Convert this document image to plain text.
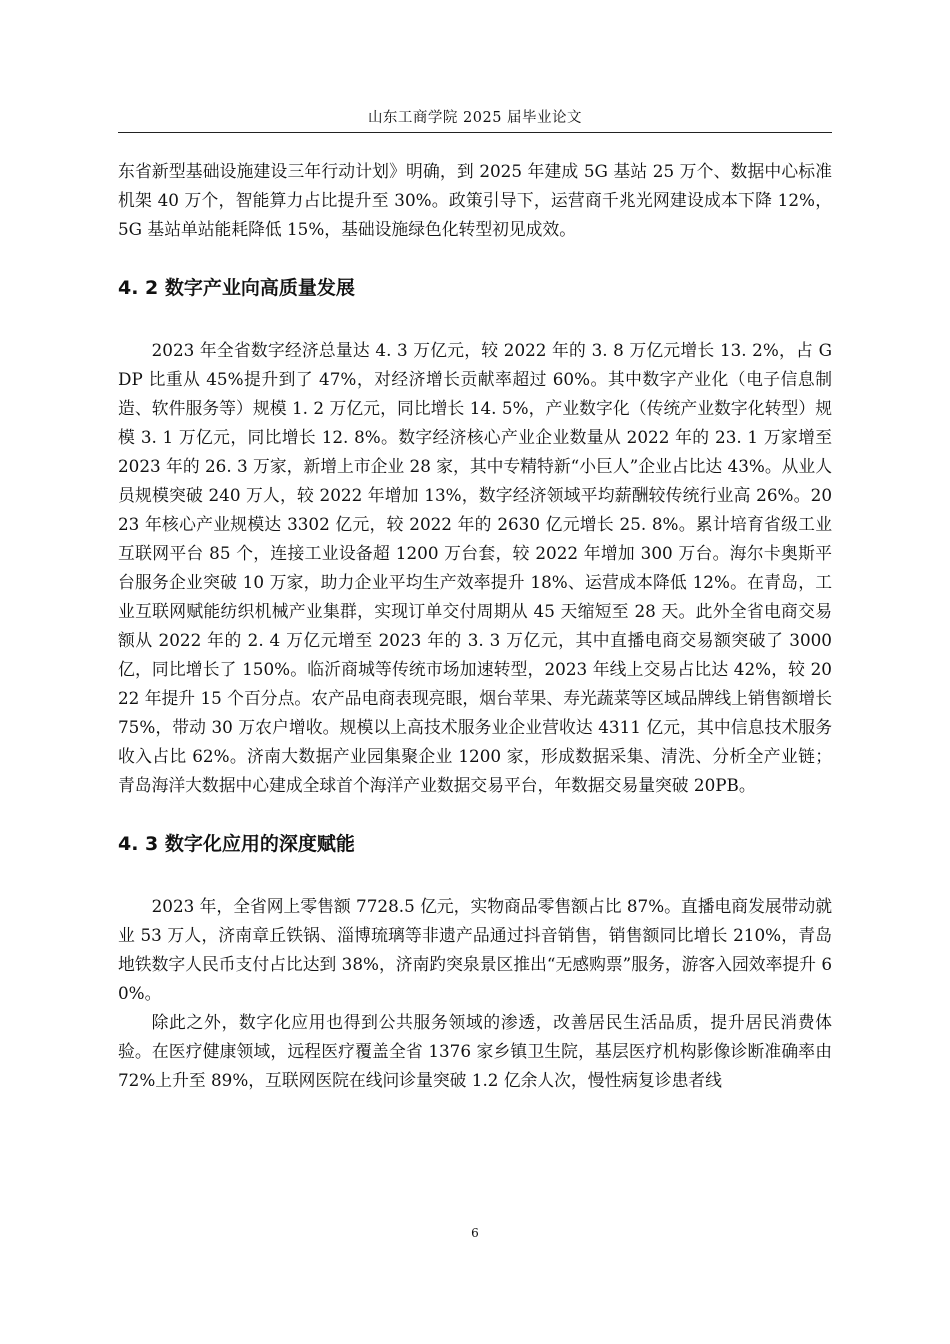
山东工商学院 2025 届毕业论文

东省新型基础设施建设三年行动计划》明确，到 2025 年建成 5G 基站 25 万个、数据中心标准机架 40 万个，智能算力占比提升至 30%。政策引导下，运营商千兆光网建设成本下降 12%，5G 基站单站能耗降低 15%，基础设施绿色化转型初见成效。

4. 2 数字产业向高质量发展

2023 年全省数字经济总量达 4. 3 万亿元，较 2022 年的 3. 8 万亿元增长 13. 2%，占 GDP 比重从 45%提升到了 47%，对经济增长贡献率超过 60%。其中数字产业化（电子信息制造、软件服务等）规模 1. 2 万亿元，同比增长 14. 5%，产业数字化（传统产业数字化转型）规模 3. 1 万亿元，同比增长 12. 8%。数字经济核心产业企业数量从 2022 年的 23. 1 万家增至 2023 年的 26. 3 万家，新增上市企业 28 家，其中专精特新“小巨人”企业占比达 43%。从业人员规模突破 240 万人，较 2022 年增加 13%，数字经济领域平均薪酬较传统行业高 26%。2023 年核心产业规模达 3302 亿元，较 2022 年的 2630 亿元增长 25. 8%。累计培育省级工业互联网平台 85 个，连接工业设备超 1200 万台套，较 2022 年增加 300 万台。海尔卡奥斯平台服务企业突破 10 万家，助力企业平均生产效率提升 18%、运营成本降低 12%。在青岛，工业互联网赋能纺织机械产业集群，实现订单交付周期从 45 天缩短至 28 天。此外全省电商交易额从 2022 年的 2. 4 万亿元增至 2023 年的 3. 3 万亿元，其中直播电商交易额突破了 3000 亿，同比增长了 150%。临沂商城等传统市场加速转型，2023 年线上交易占比达 42%，较 2022 年提升 15 个百分点。农产品电商表现亮眼，烟台苹果、寿光蔬菜等区域品牌线上销售额增长 75%，带动 30 万农户增收。规模以上高技术服务业企业营收达 4311 亿元，其中信息技术服务收入占比 62%。济南大数据产业园集聚企业 1200 家，形成数据采集、清洗、分析全产业链；青岛海洋大数据中心建成全球首个海洋产业数据交易平台，年数据交易量突破 20PB。

4. 3 数字化应用的深度赋能

2023 年，全省网上零售额 7728.5 亿元，实物商品零售额占比 87%。直播电商发展带动就业 53 万人，济南章丘铁锅、淄博琉璃等非遗产品通过抖音销售，销售额同比增长 210%，青岛地铁数字人民币支付占比达到 38%，济南趵突泉景区推出“无感购票”服务，游客入园效率提升 60%。

除此之外，数字化应用也得到公共服务领域的渗透，改善居民生活品质，提升居民消费体验。在医疗健康领域，远程医疗覆盖全省 1376 家乡镇卫生院，基层医疗机构影像诊断准确率由 72%上升至 89%，互联网医院在线问诊量突破 1.2 亿余人次，慢性病复诊患者线

6
